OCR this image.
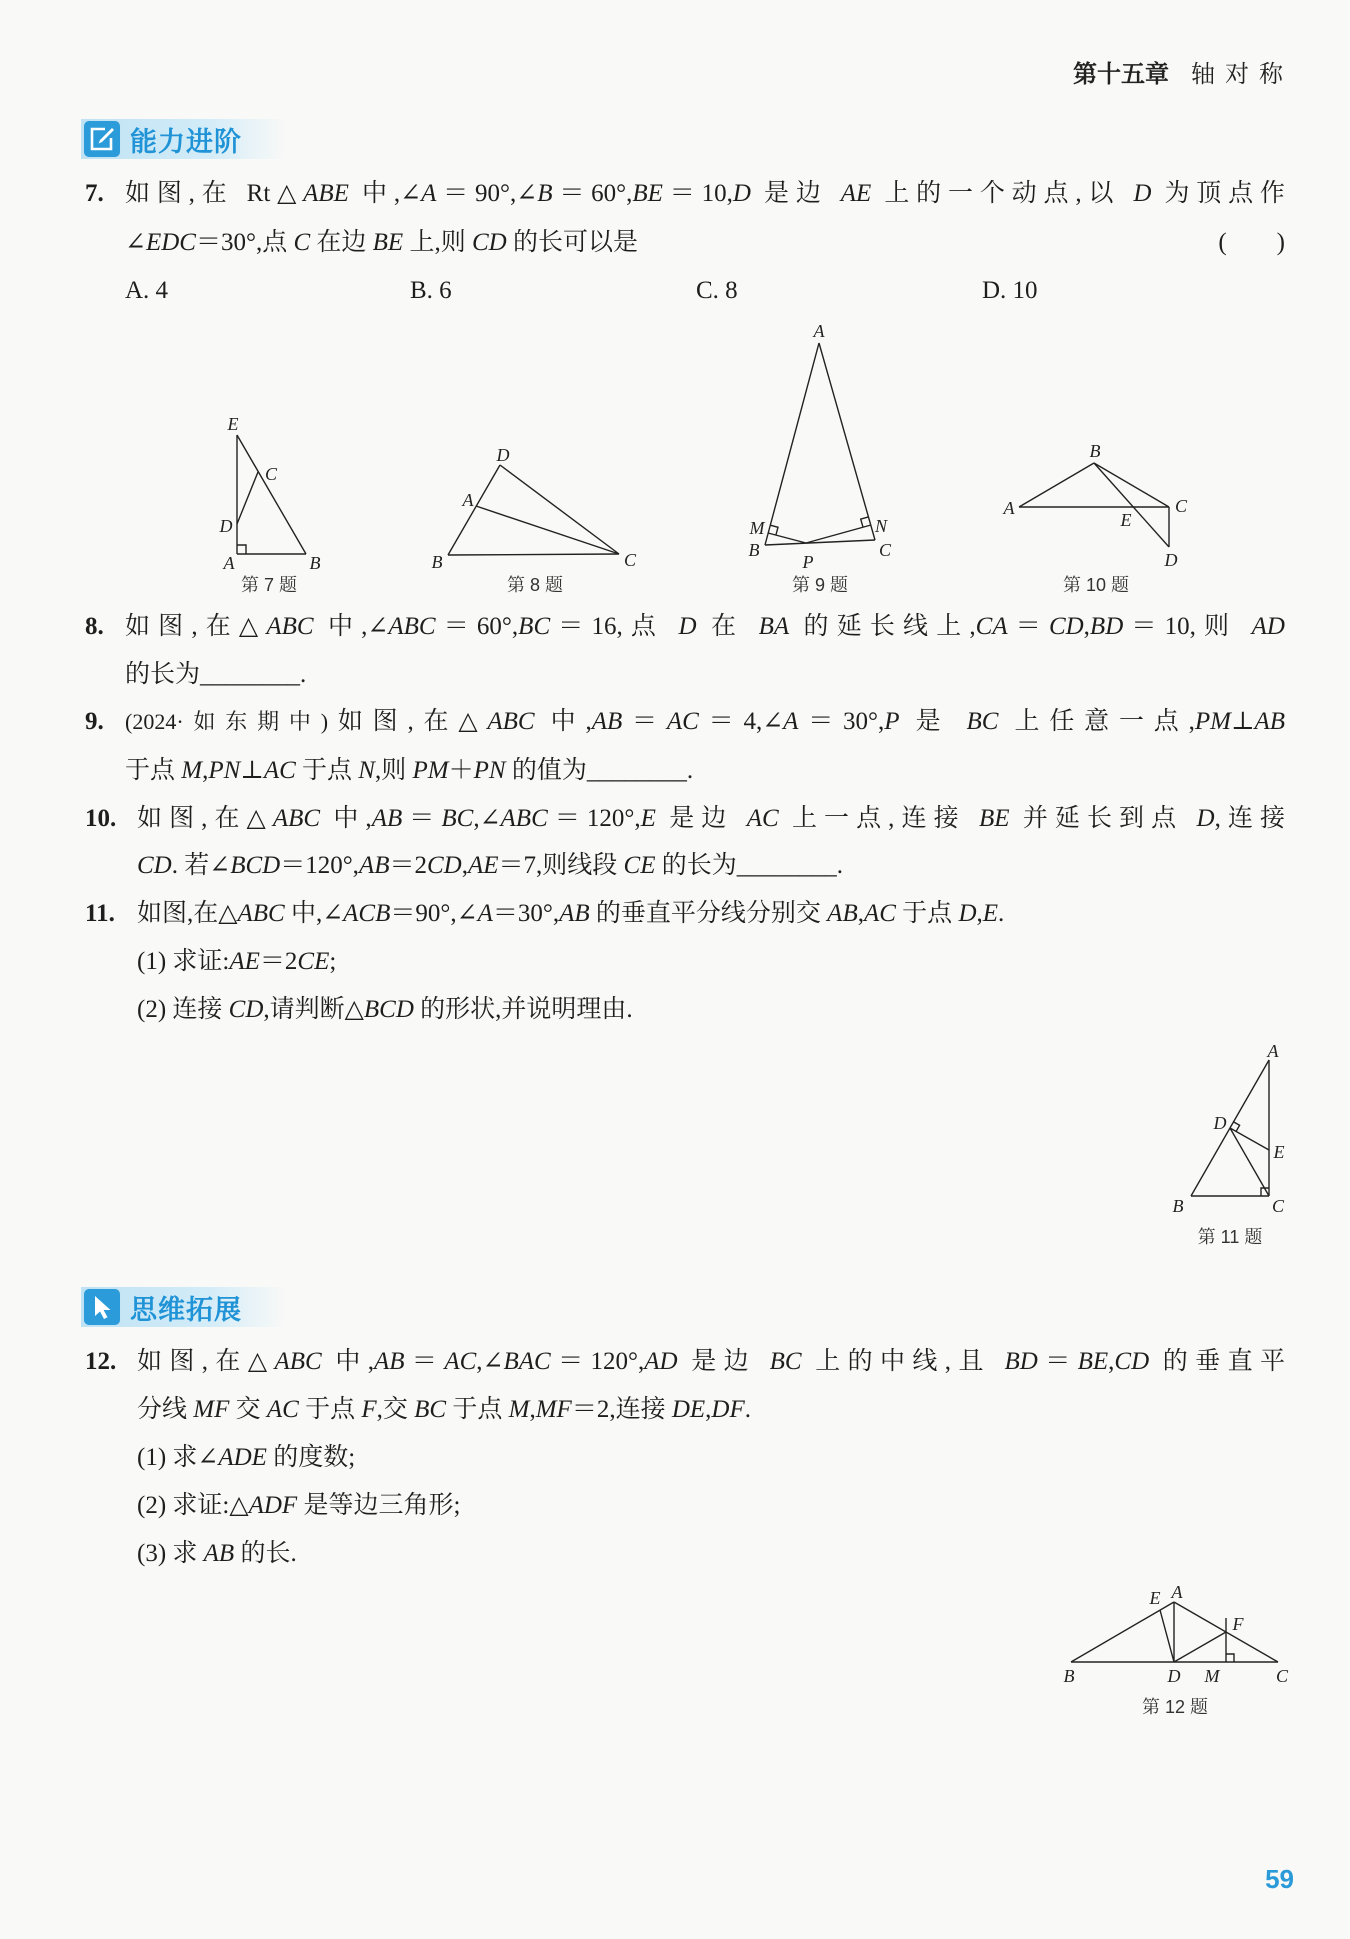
第十五章 轴 对 称
能力进阶
7. 如图,在 Rt△ABE 中,∠A＝90°,∠B＝60°,BE＝10,D 是边 AE 上的一个动点,以 D 为顶点作
∠EDC＝30°,点 C 在边 BE 上,则 CD 的长可以是	(　　)
A. 4	B. 6	C. 8	D. 10
8. 如图,在△ABC 中,∠ABC＝60°,BC＝16,点 D 在 BA 的延长线上,CA＝CD,BD＝10,则 AD
的长为________.
9. (2024·如东期中)如图,在△ABC 中,AB＝AC＝4,∠A＝30°,P 是 BC 上任意一点,PM⊥AB
于点 M,PN⊥AC 于点 N,则 PM＋PN 的值为________.
10. 如图,在△ABC 中,AB＝BC,∠ABC＝120°,E 是边 AC 上一点,连接 BE 并延长到点 D,连接
CD. 若∠BCD＝120°,AB＝2CD,AE＝7,则线段 CE 的长为________.
11. 如图,在△ABC 中,∠ACB＝90°,∠A＝30°,AB 的垂直平分线分别交 AB,AC 于点 D,E.
(1) 求证:AE＝2CE;
(2) 连接 CD,请判断△BCD 的形状,并说明理由.
思维拓展
12. 如图,在△ABC 中,AB＝AC,∠BAC＝120°,AD 是边 BC 上的中线,且 BD＝BE,CD 的垂直平
分线 MF 交 AC 于点 F,交 BC 于点 M,MF＝2,连接 DE,DF.
(1) 求∠ADE 的度数;
(2) 求证:△ADF 是等边三角形;
(3) 求 AB 的长.
E
C
D
A	B
第 7 题
D
A
B	C
第 8 题
A
M
B
P
N
C
第 9 题
B
A
E
C
D
第 10 题
A
D
E
B	C
第 11 题
E A
F
B	D M	C
第 12 题
59
